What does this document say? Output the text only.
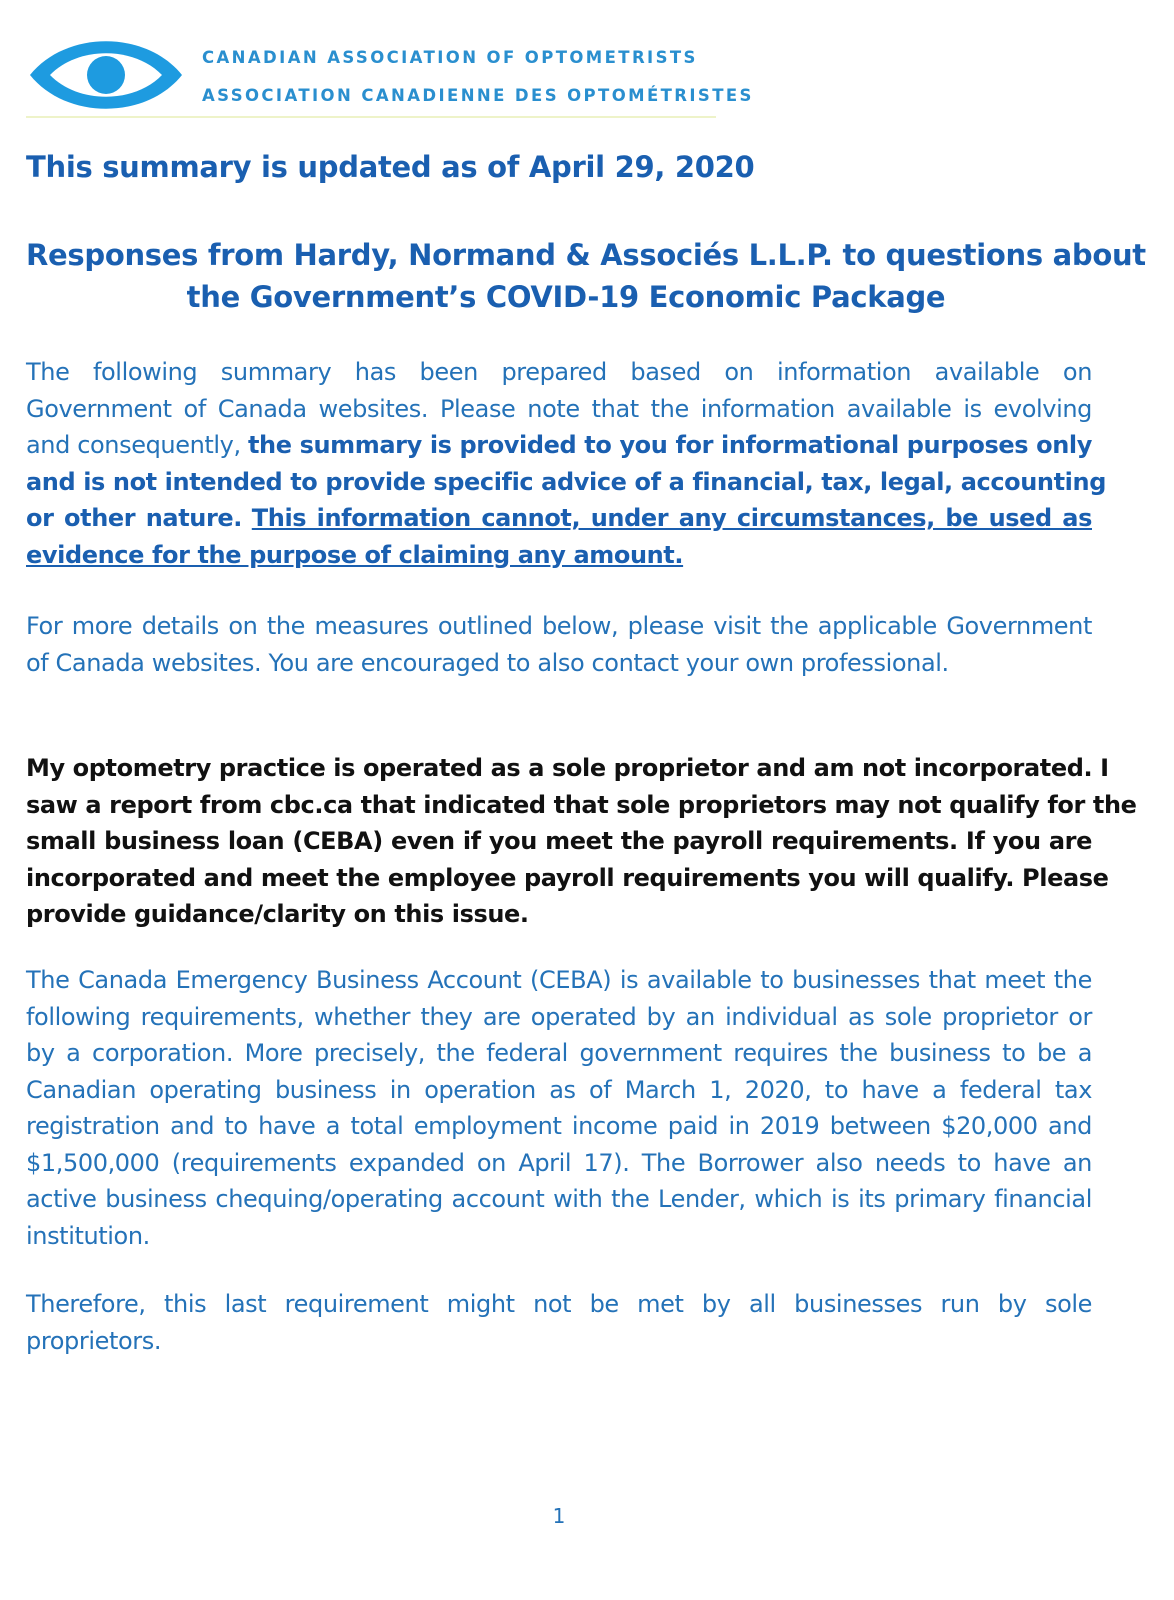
CANADIAN ASSOCIATION OF OPTOMETRISTS
ASSOCIATION CANADIENNE DES OPTOMÉTRISTES
This summary is updated as of April 29, 2020
Responses from Hardy, Normand & Associés L.L.P. to questions about
the Government’s COVID-19 Economic Package
The following summary has been prepared based on information available on
Government of Canada websites. Please note that the information available is evolving
and consequently, the summary is provided to you for informational purposes only
and is not intended to provide specific advice of a financial, tax, legal, accounting
or other nature. This information cannot, under any circumstances, be used as
evidence for the purpose of claiming any amount.
For more details on the measures outlined below, please visit the applicable Government
of Canada websites. You are encouraged to also contact your own professional.
My optometry practice is operated as a sole proprietor and am not incorporated. I
saw a report from cbc.ca that indicated that sole proprietors may not qualify for the
small business loan (CEBA) even if you meet the payroll requirements. If you are
incorporated and meet the employee payroll requirements you will qualify. Please
provide guidance/clarity on this issue.
The Canada Emergency Business Account (CEBA) is available to businesses that meet the
following requirements, whether they are operated by an individual as sole proprietor or
by a corporation. More precisely, the federal government requires the business to be a
Canadian operating business in operation as of March 1, 2020, to have a federal tax
registration and to have a total employment income paid in 2019 between $20,000 and
$1,500,000 (requirements expanded on April 17). The Borrower also needs to have an
active business chequing/operating account with the Lender, which is its primary financial
institution.
Therefore, this last requirement might not be met by all businesses run by sole
proprietors.
1
